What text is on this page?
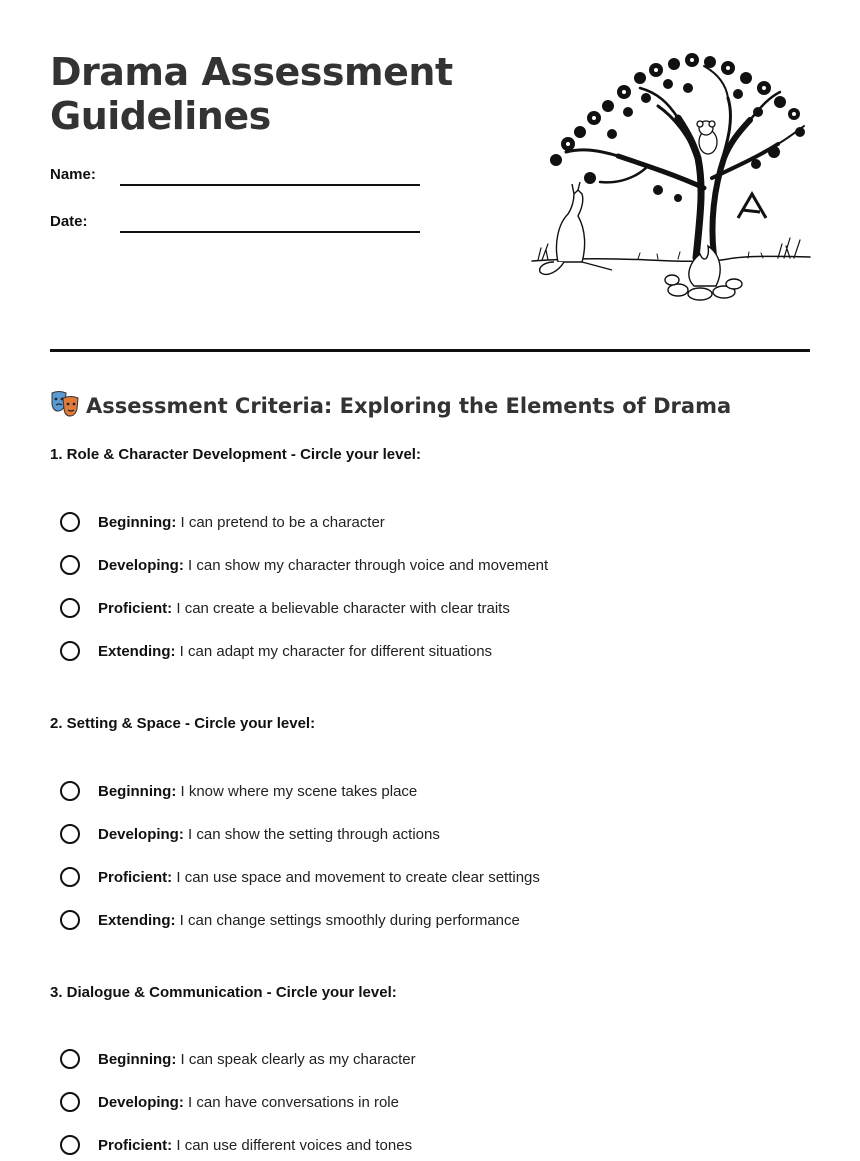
Drama Assessment
Guidelines
Name:
Date:
Assessment Criteria: Exploring the Elements of Drama
1. Role & Character Development - Circle your level:
Beginning: I can pretend to be a character
Developing: I can show my character through voice and movement
Proficient: I can create a believable character with clear traits
Extending: I can adapt my character for different situations
2. Setting & Space - Circle your level:
Beginning: I know where my scene takes place
Developing: I can show the setting through actions
Proficient: I can use space and movement to create clear settings
Extending: I can change settings smoothly during performance
3. Dialogue & Communication - Circle your level:
Beginning: I can speak clearly as my character
Developing: I can have conversations in role
Proficient: I can use different voices and tones
